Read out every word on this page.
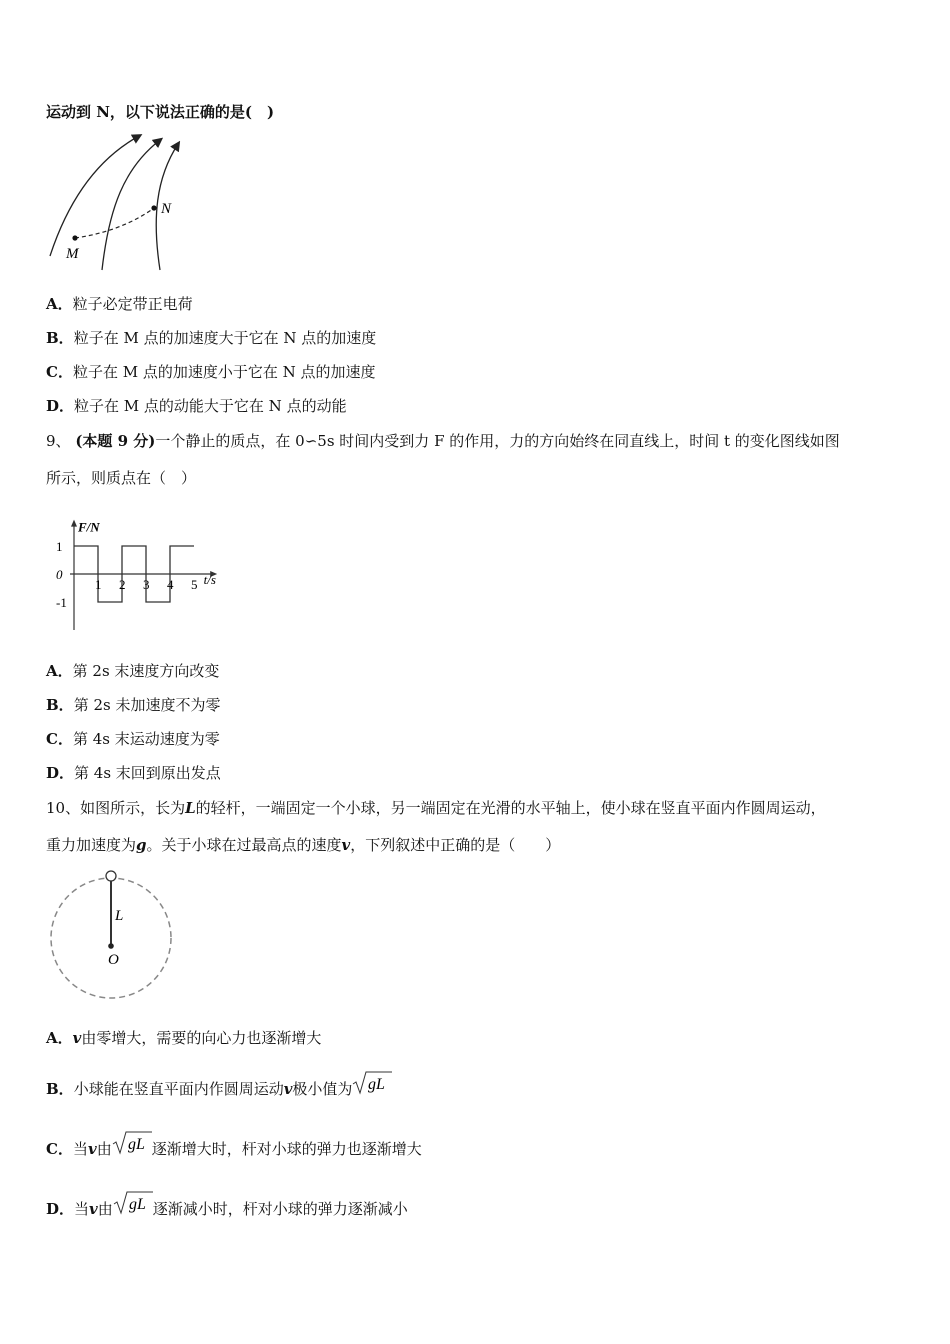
运动到 N，以下说法正确的是(　)
M
N
A．粒子必定带正电荷
B．粒子在 M 点的加速度大于它在 N 点的加速度
C．粒子在 M 点的加速度小于它在 N 点的加速度
D．粒子在 M 点的动能大于它在 N 点的动能
9、 (本题 9 分)一个静止的质点，在 0∽5s 时间内受到力 F 的作用，力的方向始终在同直线上，时间 t 的变化图线如图
所示，则质点在（　）
F/N
t/s
1 2 3 4 5
1
0
-1
A．第 2s 末速度方向改变
B．第 2s 未加速度不为零
C．第 4s 末运动速度为零
D．第 4s 末回到原出发点
10、如图所示，长为L的轻杆，一端固定一个小球，另一端固定在光滑的水平轴上，使小球在竖直平面内作圆周运动，
重力加速度为g。关于小球在过最高点的速度v，下列叙述中正确的是（　　）
L
O
A．v由零增大，需要的向心力也逐渐增大
B．小球能在竖直平面内作圆周运动v极小值为 gL
C．当v由 gL 逐渐增大时，杆对小球的弹力也逐渐增大
D．当v由 gL 逐渐减小时，杆对小球的弹力逐渐减小
